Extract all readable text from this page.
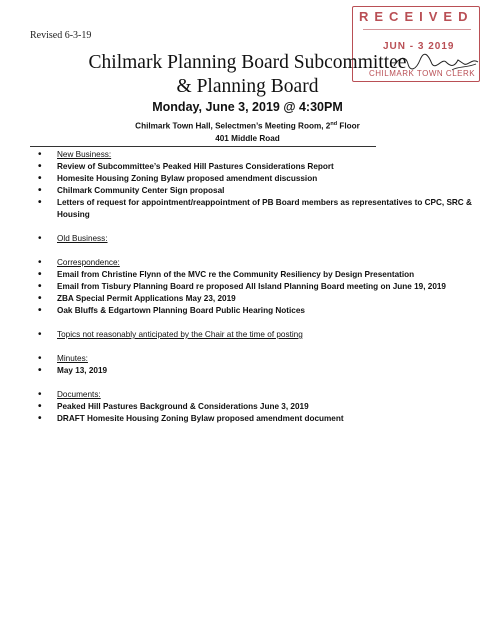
Revised 6-3-19
RECEIVED
JUN - 3 2019
CHILMARK TOWN CLERK
Chilmark Planning Board Subcommittee
& Planning Board
Monday, June 3, 2019 @ 4:30PM
Chilmark Town Hall, Selectmen’s Meeting Room, 2nd Floor
401 Middle Road
• New Business:
• Review of Subcommittee’s Peaked Hill Pastures Considerations Report
• Homesite Housing Zoning Bylaw proposed amendment discussion
• Chilmark Community Center Sign proposal
• Letters of request for appointment/reappointment of PB Board members as representatives to CPC, SRC & Housing
• Old Business:
• Correspondence:
• Email from Christine Flynn of the MVC re the Community Resiliency by Design Presentation
• Email from Tisbury Planning Board re proposed All Island Planning Board meeting on June 19, 2019
• ZBA Special Permit Applications May 23, 2019
• Oak Bluffs & Edgartown Planning Board Public Hearing Notices
• Topics not reasonably anticipated by the Chair at the time of posting
• Minutes:
• May 13, 2019
• Documents:
• Peaked Hill Pastures Background & Considerations June 3, 2019
• DRAFT Homesite Housing Zoning Bylaw proposed amendment document
